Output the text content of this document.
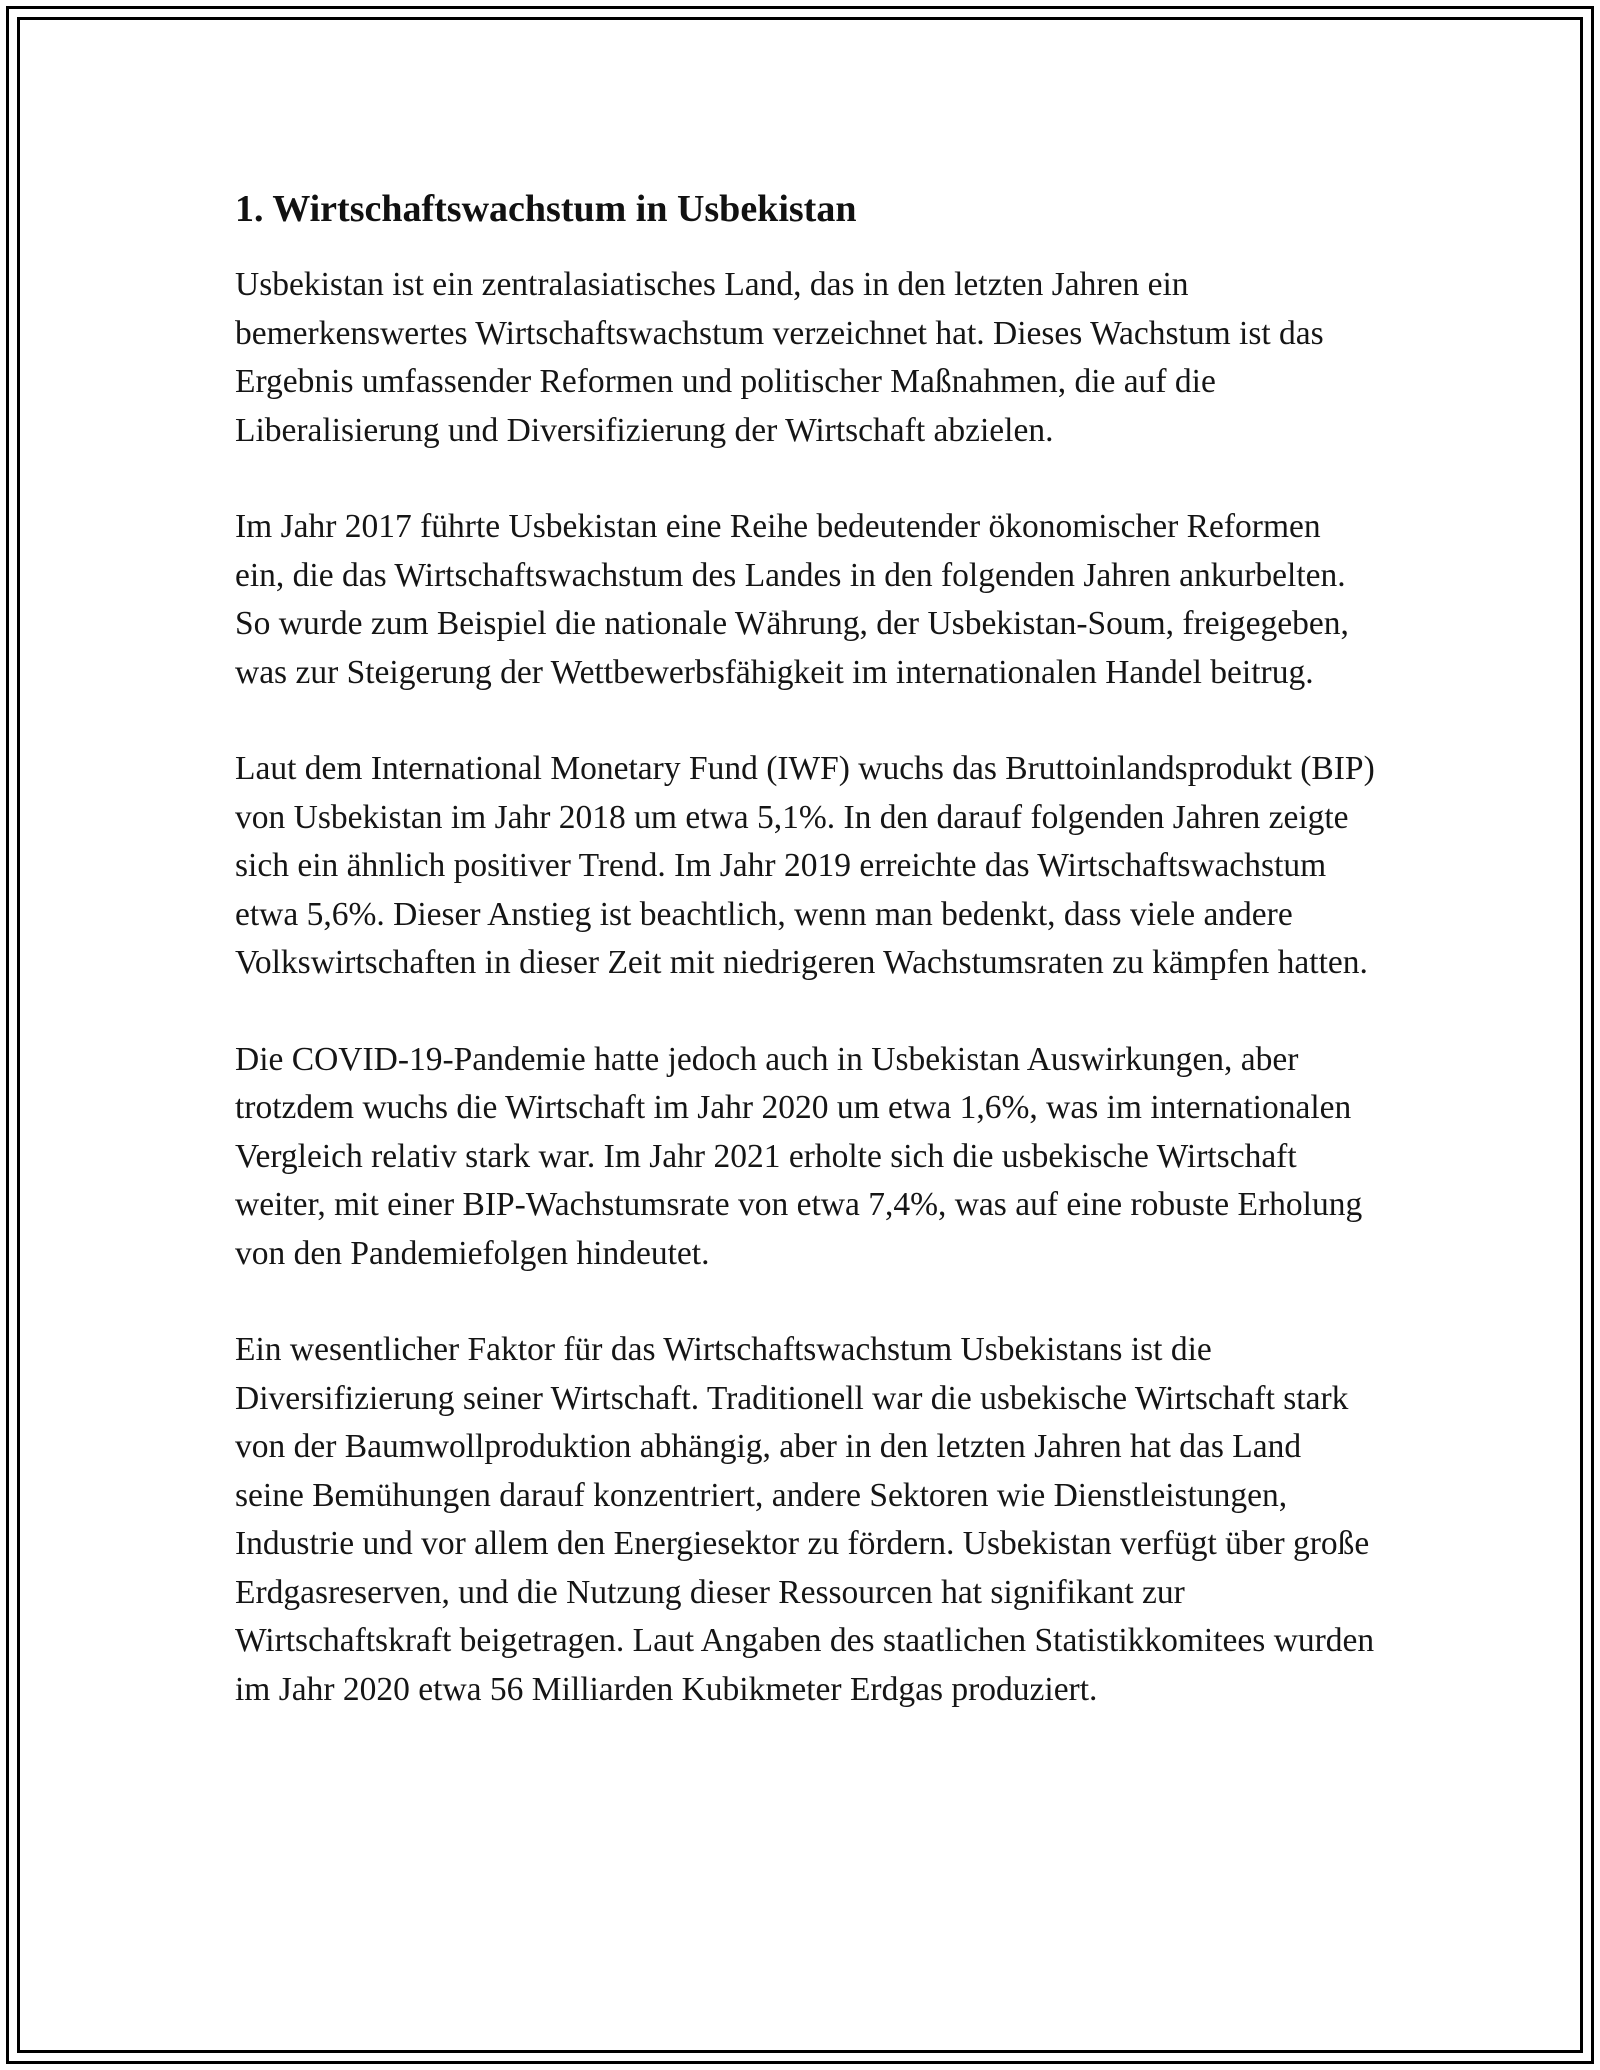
1. Wirtschaftswachstum in Usbekistan

Usbekistan ist ein zentralasiatisches Land, das in den letzten Jahren ein bemerkenswertes Wirtschaftswachstum verzeichnet hat. Dieses Wachstum ist das Ergebnis umfassender Reformen und politischer Maßnahmen, die auf die Liberalisierung und Diversifizierung der Wirtschaft abzielen.

Im Jahr 2017 führte Usbekistan eine Reihe bedeutender ökonomischer Reformen ein, die das Wirtschaftswachstum des Landes in den folgenden Jahren ankurbelten. So wurde zum Beispiel die nationale Währung, der Usbekistan-Soum, freigegeben, was zur Steigerung der Wettbewerbsfähigkeit im internationalen Handel beitrug.

Laut dem International Monetary Fund (IWF) wuchs das Bruttoinlandsprodukt (BIP) von Usbekistan im Jahr 2018 um etwa 5,1%. In den darauf folgenden Jahren zeigte sich ein ähnlich positiver Trend. Im Jahr 2019 erreichte das Wirtschaftswachstum etwa 5,6%. Dieser Anstieg ist beachtlich, wenn man bedenkt, dass viele andere Volkswirtschaften in dieser Zeit mit niedrigeren Wachstumsraten zu kämpfen hatten.

Die COVID-19-Pandemie hatte jedoch auch in Usbekistan Auswirkungen, aber trotzdem wuchs die Wirtschaft im Jahr 2020 um etwa 1,6%, was im internationalen Vergleich relativ stark war. Im Jahr 2021 erholte sich die usbekische Wirtschaft weiter, mit einer BIP-Wachstumsrate von etwa 7,4%, was auf eine robuste Erholung von den Pandemiefolgen hindeutet.

Ein wesentlicher Faktor für das Wirtschaftswachstum Usbekistans ist die Diversifizierung seiner Wirtschaft. Traditionell war die usbekische Wirtschaft stark von der Baumwollproduktion abhängig, aber in den letzten Jahren hat das Land seine Bemühungen darauf konzentriert, andere Sektoren wie Dienstleistungen, Industrie und vor allem den Energiesektor zu fördern. Usbekistan verfügt über große Erdgasreserven, und die Nutzung dieser Ressourcen hat signifikant zur Wirtschaftskraft beigetragen. Laut Angaben des staatlichen Statistikkomitees wurden im Jahr 2020 etwa 56 Milliarden Kubikmeter Erdgas produziert.
